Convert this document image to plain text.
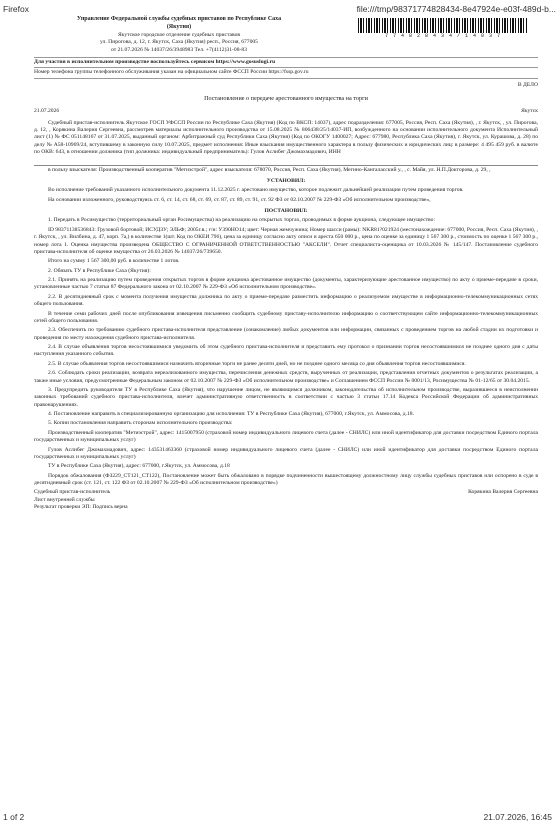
Firefox	file:///tmp/98371774828434-8e47924e-e03f-489d-b...
Управление Федеральной службы судебных приставов по Республике Саха
(Якутия)
Якутское городское отделение судебных приставов
ул. Пирогова, д. 12, г. Якутск, Саха (Якутия) респ., Россия, 677005
от 21.07.2026 № 14037/26/3948983 Тел. +7(4112)31-08-83
7 7 4 8 2 8 4 3 4 / 1 4 0 3 7
Для участия в исполнительном производстве воспользуйтесь сервисом https://www.gosuslugi.ru
Номер телефона группы телефонного обслуживания указан на официальном сайте ФССП России https://fssp.gov.ru
В ДЕЛО
Постановление о передаче арестованного имущества на торги
21.07.2026	Якутск

Судебный пристав-исполнитель Якутское ГОСП УФССП России по Республике Саха (Якутия) (Код по ВКСП: 14037), адрес подразделения: 677005, Россия, Респ. Саха (Якутия), , г. Якутск, , ул. Пирогова, д. 12, , Корякина Валерия Сергеевна, рассмотрев материалы исполнительного производства от 15.08.2025 № 806438/25/14037-ИП, возбужденного на основании исполнительного документа Исполнительный лист (1) № ФС 051148167 от 31.07.2025, выданный органом: Арбитражный суд Республики Саха (Якутия) (Код по ОКОГУ 1400027; Адрес: 677980, Республика Саха (Якутия), г. Якутск, ул. Курашова, д. 28) по делу № А58-10969/24, вступившему в законную силу 10.07.2025, предмет исполнения: Иные взыскания имущественного характера в пользу физических и юридических лиц: в размере: 4 495 459 руб. в валюте по ОКВ: 643, в отношении должника (тип должника: индивидуальный предприниматель): Гулов Аслибег Джомахмадович, ИНН

в пользу взыскателя: Производственный кооператив "Метиэстрой", адрес взыскателя: 678070, Россия, Респ. Саха (Якутия), Мегино-Кангаласский у., , с. Майя, ул. Н.П.Докторова, д. 29, ,

УСТАНОВИЛ:

Во исполнение требований указанного исполнительного документа 11.12.2025 г. арестовано имущество, которое подлежит дальнейшей реализации путем проведения торгов.

На основании изложенного, руководствуясь ст. 6, ст. 14, ст. 68, ст. 69, ст. 87, ст. 89, ст. 91, ст. 92 ФЗ от 02.10.2007 № 229-ФЗ «Об исполнительном производстве»,

ПОСТАНОВИЛ:

1. Передать в Росимущество (территориальный орган Росимущества) на реализацию на открытых торгах, проводимых в форме аукциона, следующее имущество:

ID 98371138536843: Грузовой бортовой; ИСУДЗУ; ЭЛЬФ; 2005г.в.; г/н: У390НО14; цвет: Черная жемчужина; Номер шасси (рамы): NKR81?021924 (местонахождение: 677000, Россия, Респ. Саха (Якутия), , г. Якутск, , ул. Вилбина, д. 47, корп. 7а,) в количестве 1(шт. Код по ОКЕИ 796), цена за единицу согласно акту описи и ареста 650 000 р., цена по оценке за единицу 1 567 300 р., стоимость по оценке 1 567 300 р., номер лота 1. Оценка имущества произведена ОБЩЕСТВО С ОГРАНИЧЕННОЙ ОТВЕТСТВЕННОСТЬЮ "АКСЕЛИ". Отчет специалиста-оценщика от 10.03.2026 № 145/147. Постановление судебного пристава-исполнителя об оценке имущества от 26.03.2026 № 14037/26/739650.

Итого на сумму 1 567 300,00 руб. в количестве 1 лотов.

2. Обязать ТУ в Республике Саха (Якутия):

2.1. Принять на реализацию путем проведения открытых торгов в форме аукциона арестованное имущество (документы, характеризующие арестованное имущество) по акту о приеме-передаче в сроки, установленные частью 7 статьи 87 Федерального закона от 02.10.2007 № 229-ФЗ «Об исполнительном производстве».

2.2. В десятидневный срок с момента получения имущества должника по акту о приеме-передаче разместить информацию о реализуемом имуществе в информационно-телекоммуникационных сетях общего пользования.

В течение семи рабочих дней после опубликования извещения письменно сообщить судебному приставу-исполнителю информацию о соответствующем сайте информационно-телекоммуникационных сетей общего пользования.

2.3. Обеспечить по требованию судебного пристава-исполнителя представление (ознакомление) любых документов или информации, связанных с проведением торгов на любой стадии их подготовки и проведения по месту нахождения судебного пристава-исполнителя.

2.4. В случае объявления торгов несостоявшимися уведомить об этом судебного пристава-исполнителя и представить ему протокол о признании торгов несостоявшимися не позднее одного дня с даты наступления указанного события.

2.5. В случае объявления торгов несостоявшимися назначить вторичные торги не ранее десяти дней, но не позднее одного месяца со дня объявления торгов несостоявшимися.

2.6. Соблюдать сроки реализации, возврата нереализованного имущества, перечисления денежных средств, вырученных от реализации, представления отчетных документов о результатах реализации, а также иные условия, предусмотренные Федеральным законом от 02.10.2007 № 229-ФЗ «Об исполнительном производстве» и Соглашением ФССП России № 0001/13, Росимущества № 01-12/65 от 30.04.2015.

3. Предупредить руководителя ТУ в Республике Саха (Якутия), что нарушение лицом, не являющимся должником, законодательства об исполнительном производстве, выразившееся в неисполнении законных требований судебного пристава-исполнителя, влечет административную ответственность в соответствии с частью 3 статьи 17.14 Кодекса Российской Федерации об административных правонарушениях.

4. Постановление направить в специализированную организацию для исполнения: ТУ в Республике Саха (Якутия), 677000, г.Якутск, ул. Аммосова, д.18.

5. Копии постановления направить сторонам исполнительного производства:

Производственный кооператив "Метиэстрой", адрес: 1415007950 (страховой номер индивидуального лицевого счета (далее - СНИЛС) или иной идентификатор для доставки посредством Единого портала государственных и муниципальных услуг)

Гулов Аслибег Джомахмадович, адрес: 143531463360 (страховой номер индивидуального лицевого счета (далее - СНИЛС) или иной идентификатор для доставки посредством Единого портала государственных и муниципальных услуг)

ТУ в Республике Саха (Якутия), адрес: 677000, г.Якутск, ул. Аммосова, д.18

Порядок обжалования (ФЗ229_СТ121_СТ122), Постановление может быть обжаловано в порядке подчиненности вышестоящему должностному лицу службы судебных приставов или оспорено в суде в десятидневный срок (ст. 121, ст. 122 ФЗ от 02.10.2007 № 229-ФЗ «Об исполнительном производстве»)

Судебный пристав-исполнитель	Корякина Валерия Сергеевна
Лист внутренней службы
Результат проверки ЭП: Подпись верна
1 of 2	21.07.2026, 16:45
